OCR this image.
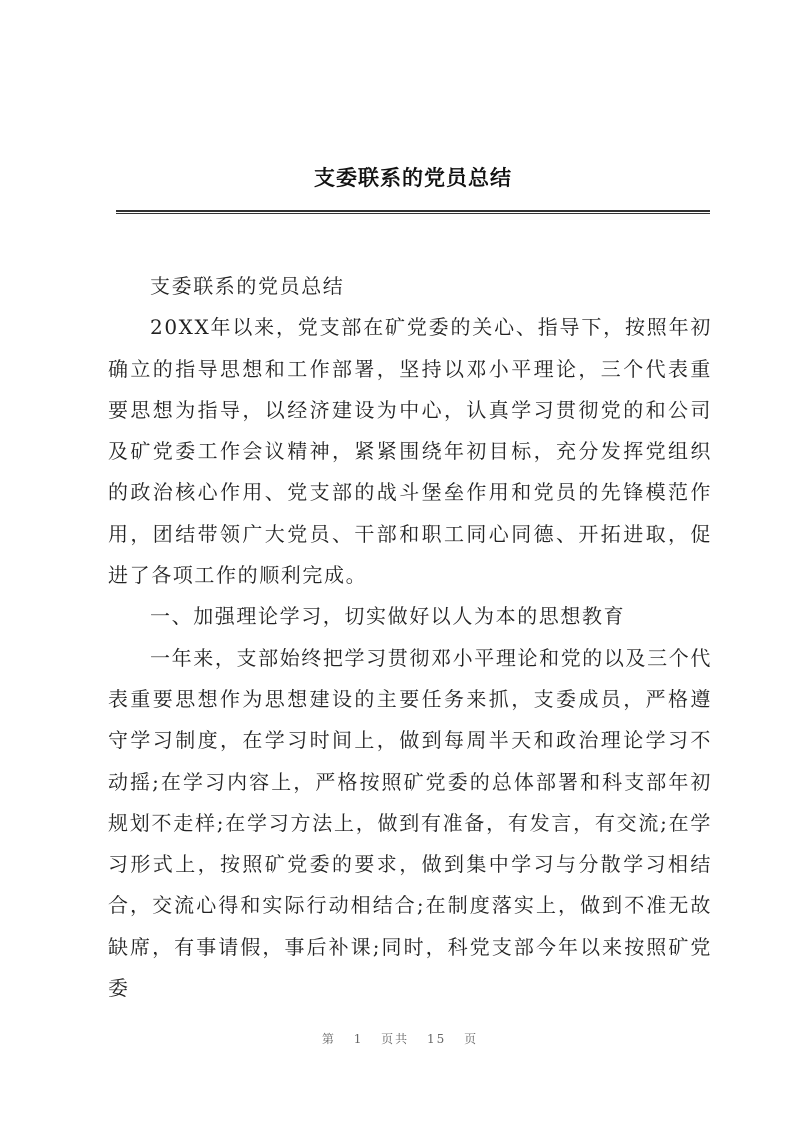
支委联系的党员总结

支委联系的党员总结

20XX年以来，党支部在矿党委的关心、指导下，按照年初确立的指导思想和工作部署，坚持以邓小平理论，三个代表重要思想为指导，以经济建设为中心，认真学习贯彻党的和公司及矿党委工作会议精神，紧紧围绕年初目标，充分发挥党组织的政治核心作用、党支部的战斗堡垒作用和党员的先锋模范作用，团结带领广大党员、干部和职工同心同德、开拓进取，促进了各项工作的顺利完成。

一、加强理论学习，切实做好以人为本的思想教育

一年来，支部始终把学习贯彻邓小平理论和党的以及三个代表重要思想作为思想建设的主要任务来抓，支委成员，严格遵守学习制度，在学习时间上，做到每周半天和政治理论学习不动摇;在学习内容上，严格按照矿党委的总体部署和科支部年初规划不走样;在学习方法上，做到有准备，有发言，有交流;在学习形式上，按照矿党委的要求，做到集中学习与分散学习相结合，交流心得和实际行动相结合;在制度落实上，做到不准无故缺席，有事请假，事后补课;同时，科党支部今年以来按照矿党委

第 1 页共 15 页
